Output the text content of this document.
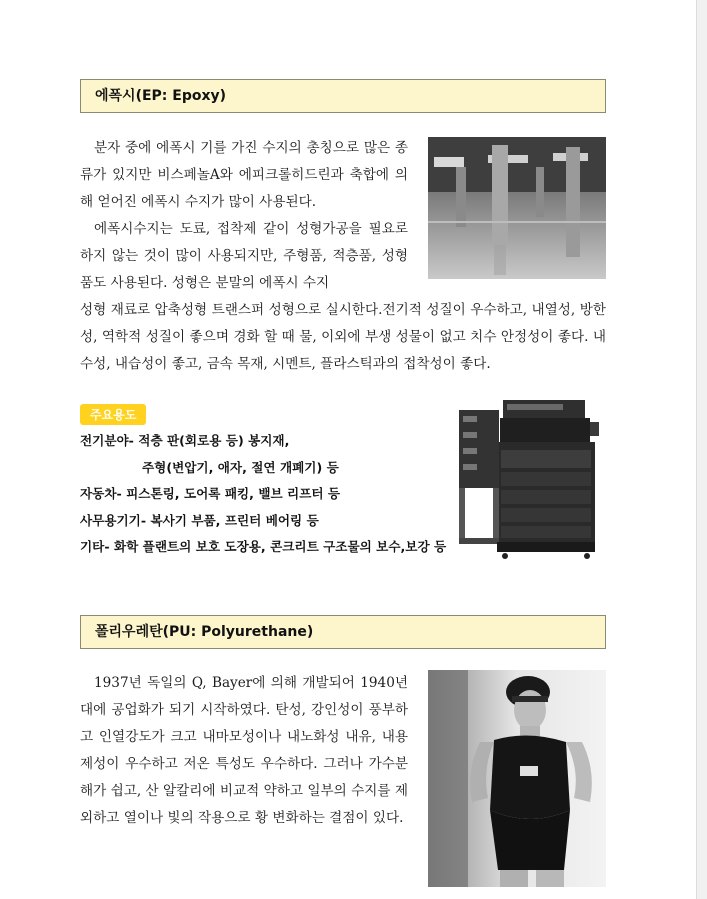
에폭시(EP: Epoxy)

분자 중에 에폭시 기를 가진 수지의 총칭으로 많은 종류가 있지만 비스페놀A와 에피크롤히드린과 축합에 의해 얻어진 에폭시 수지가 많이 사용된다.

에폭시수지는 도료, 접착제 같이 성형가공을 필요로 하지 않는 것이 많이 사용되지만, 주형품, 적층품, 성형품도 사용된다. 성형은 분말의 에폭시 수지

성형 재료로 압축성형 트랜스퍼 성형으로 실시한다.전기적 성질이 우수하고, 내열성, 방한성, 역학적 성질이 좋으며 경화 할 때 물, 이외에 부생 성물이 없고 치수 안정성이 좋다. 내수성, 내습성이 좋고, 금속 목재, 시멘트, 플라스틱과의 접착성이 좋다.

주요용도
전기분야- 적층 판(회로용 등) 봉지재,
주형(변압기, 애자, 절연 개폐기) 등
자동차- 피스톤링, 도어록 패킹, 밸브 리프터 등
사무용기기- 복사기 부품, 프린터 베어링 등
기타- 화학 플랜트의 보호 도장용, 콘크리트 구조물의 보수,보강 등
폴리우레탄(PU: Polyurethane)

1937년 독일의 Q, Bayer에 의해 개발되어 1940년대에 공업화가 되기 시작하였다. 탄성, 강인성이 풍부하고 인열강도가 크고 내마모성이나 내노화성 내유, 내용제성이 우수하고 저온 특성도 우수하다. 그러나 가수분해가 쉽고, 산 알칼리에 비교적 약하고 일부의 수지를 제외하고 열이나 빛의 작용으로 황 변화하는 결점이 있다.
